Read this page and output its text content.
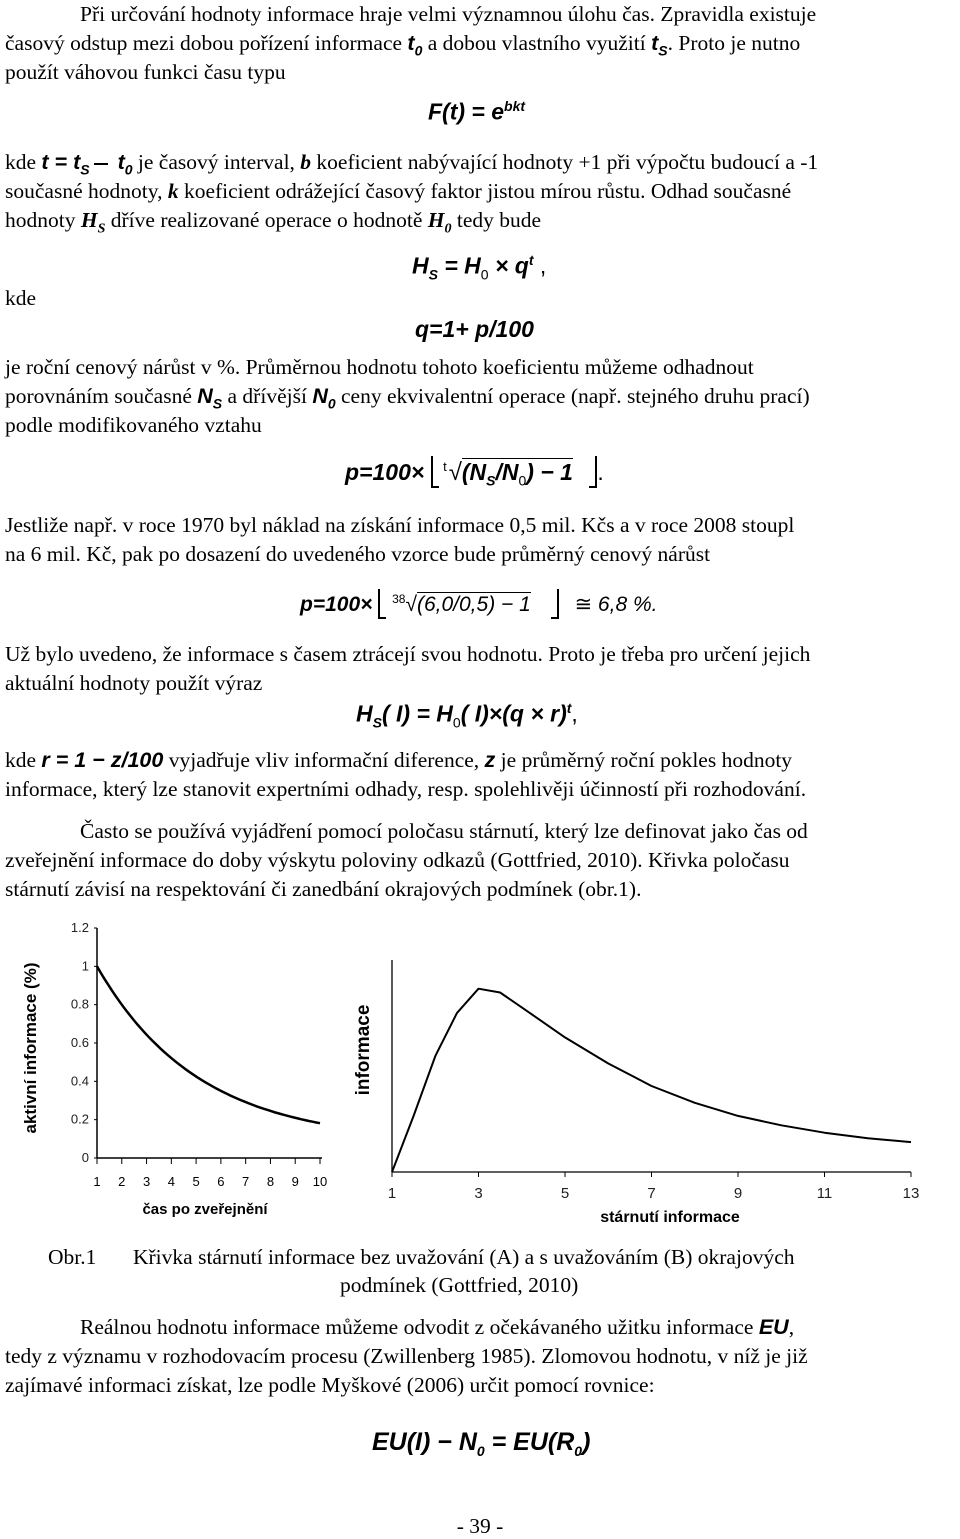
Při určování hodnoty informace hraje velmi významnou úlohu čas. Zpravidla existuje
časový odstup mezi dobou pořízení informace $t_0$ a dobou vlastního využití $t_S$. Proto je nutno
použít váhovou funkci času typu
$F(t) = e^{bkt}$
kde $t = t_S$ $t_0$ je časový interval, b koeficient nabývající hodnoty +1 při výpočtu budoucí a -1
současné hodnoty, k koeficient odrážející časový faktor jistou mírou růstu. Odhad současné
hodnoty $H_S$ dříve realizované operace o hodnotě $H_0$ tedy bude
$H_S = H_0 \times q^t$ ,
kde
q=1+ p/100
je roční cenový nárůst v %. Průměrnou hodnotu tohoto koeficientu můžeme odhadnout
porovnáním současné $N_S$ a dřívější $N_0$ ceny ekvivalentní operace (např. stejného druhu prací)
podle modifikovaného vztahu
$p=100\times ^t√(N_S/N_0) - 1$ .
Jestliže např. v roce 1970 byl náklad na získání informace 0,5 mil. Kčs a v roce 2008 stoupl
na 6 mil. Kč, pak po dosazení do uvedeného vzorce bude průměrný cenový nárůst
p=100× $^{38}$√(6,0/0,5) − 1 ≅ 6,8 %.
Už bylo uvedeno, že informace s časem ztrácejí svou hodnotu. Proto je třeba pro určení jejich
aktuální hodnoty použít výraz
$H_S$( $I) = H_0$( $I)\times(q \times r)^t$,
kde r = 1 − z/100 vyjadřuje vliv informační diference, z je průměrný roční pokles hodnoty
informace, který lze stanovit expertními odhady, resp. spolehlivěji účinností při rozhodování.
Často se používá vyjádření pomocí poločasu stárnutí, který lze definovat jako čas od
zveřejnění informace do doby výskytu poloviny odkazů (Gottfried, 2010). Křivka poločasu
stárnutí závisí na respektování či zanedbání okrajových podmínek (obr.1).
0
0.2
0.4
0.6
0.8
1
1.2
1 2 3 4 5 6 7 8 9 10
aktivní informace (%)
čas po zveřejnění
1	3	5	7	9	11	13
informace
stárnutí informace
Obr.1 Křivka stárnutí informace bez uvažování (A) a s uvažováním (B) okrajových
podmínek (Gottfried, 2010)
Reálnou hodnotu informace můžeme odvodit z očekávaného užitku informace EU,
tedy z významu v rozhodovacím procesu (Zwillenberg 1985). Zlomovou hodnotu, v níž je již
zajímavé informaci získat, lze podle Myškové (2006) určit pomocí rovnice:
$EU(I) - N_0 = EU(R_0)$
- 39 -
